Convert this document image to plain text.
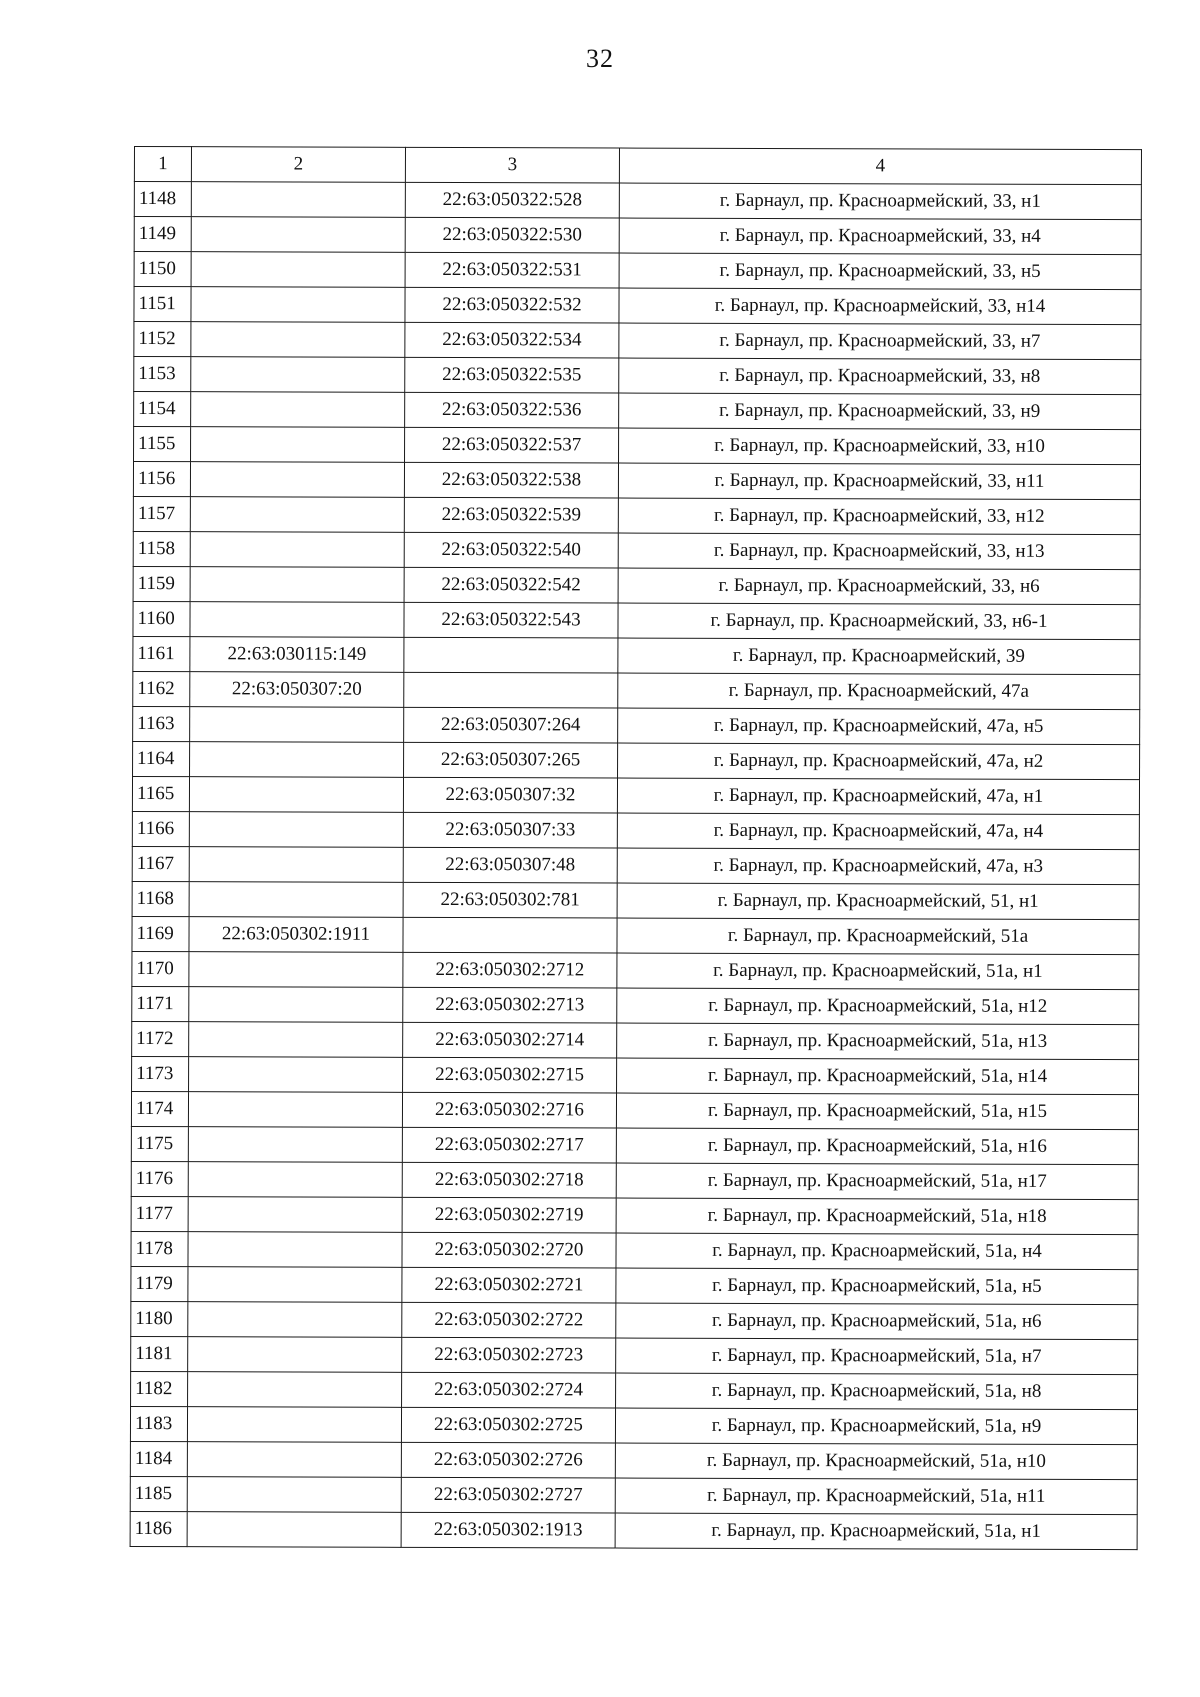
32
1	2	3	4
1148		22:63:050322:528	г. Барнаул, пр. Красноармейский, 33, н1
1149		22:63:050322:530	г. Барнаул, пр. Красноармейский, 33, н4
1150		22:63:050322:531	г. Барнаул, пр. Красноармейский, 33, н5
1151		22:63:050322:532	г. Барнаул, пр. Красноармейский, 33, н14
1152		22:63:050322:534	г. Барнаул, пр. Красноармейский, 33, н7
1153		22:63:050322:535	г. Барнаул, пр. Красноармейский, 33, н8
1154		22:63:050322:536	г. Барнаул, пр. Красноармейский, 33, н9
1155		22:63:050322:537	г. Барнаул, пр. Красноармейский, 33, н10
1156		22:63:050322:538	г. Барнаул, пр. Красноармейский, 33, н11
1157		22:63:050322:539	г. Барнаул, пр. Красноармейский, 33, н12
1158		22:63:050322:540	г. Барнаул, пр. Красноармейский, 33, н13
1159		22:63:050322:542	г. Барнаул, пр. Красноармейский, 33, н6
1160		22:63:050322:543	г. Барнаул, пр. Красноармейский, 33, н6-1
1161	22:63:030115:149		г. Барнаул, пр. Красноармейский, 39
1162	22:63:050307:20		г. Барнаул, пр. Красноармейский, 47а
1163		22:63:050307:264	г. Барнаул, пр. Красноармейский, 47а, н5
1164		22:63:050307:265	г. Барнаул, пр. Красноармейский, 47а, н2
1165		22:63:050307:32	г. Барнаул, пр. Красноармейский, 47а, н1
1166		22:63:050307:33	г. Барнаул, пр. Красноармейский, 47а, н4
1167		22:63:050307:48	г. Барнаул, пр. Красноармейский, 47а, н3
1168		22:63:050302:781	г. Барнаул, пр. Красноармейский, 51, н1
1169	22:63:050302:1911		г. Барнаул, пр. Красноармейский, 51а
1170		22:63:050302:2712	г. Барнаул, пр. Красноармейский, 51а, н1
1171		22:63:050302:2713	г. Барнаул, пр. Красноармейский, 51а, н12
1172		22:63:050302:2714	г. Барнаул, пр. Красноармейский, 51а, н13
1173		22:63:050302:2715	г. Барнаул, пр. Красноармейский, 51а, н14
1174		22:63:050302:2716	г. Барнаул, пр. Красноармейский, 51а, н15
1175		22:63:050302:2717	г. Барнаул, пр. Красноармейский, 51а, н16
1176		22:63:050302:2718	г. Барнаул, пр. Красноармейский, 51а, н17
1177		22:63:050302:2719	г. Барнаул, пр. Красноармейский, 51а, н18
1178		22:63:050302:2720	г. Барнаул, пр. Красноармейский, 51а, н4
1179		22:63:050302:2721	г. Барнаул, пр. Красноармейский, 51а, н5
1180		22:63:050302:2722	г. Барнаул, пр. Красноармейский, 51а, н6
1181		22:63:050302:2723	г. Барнаул, пр. Красноармейский, 51а, н7
1182		22:63:050302:2724	г. Барнаул, пр. Красноармейский, 51а, н8
1183		22:63:050302:2725	г. Барнаул, пр. Красноармейский, 51а, н9
1184		22:63:050302:2726	г. Барнаул, пр. Красноармейский, 51а, н10
1185		22:63:050302:2727	г. Барнаул, пр. Красноармейский, 51а, н11
1186		22:63:050302:1913	г. Барнаул, пр. Красноармейский, 51а, н1
